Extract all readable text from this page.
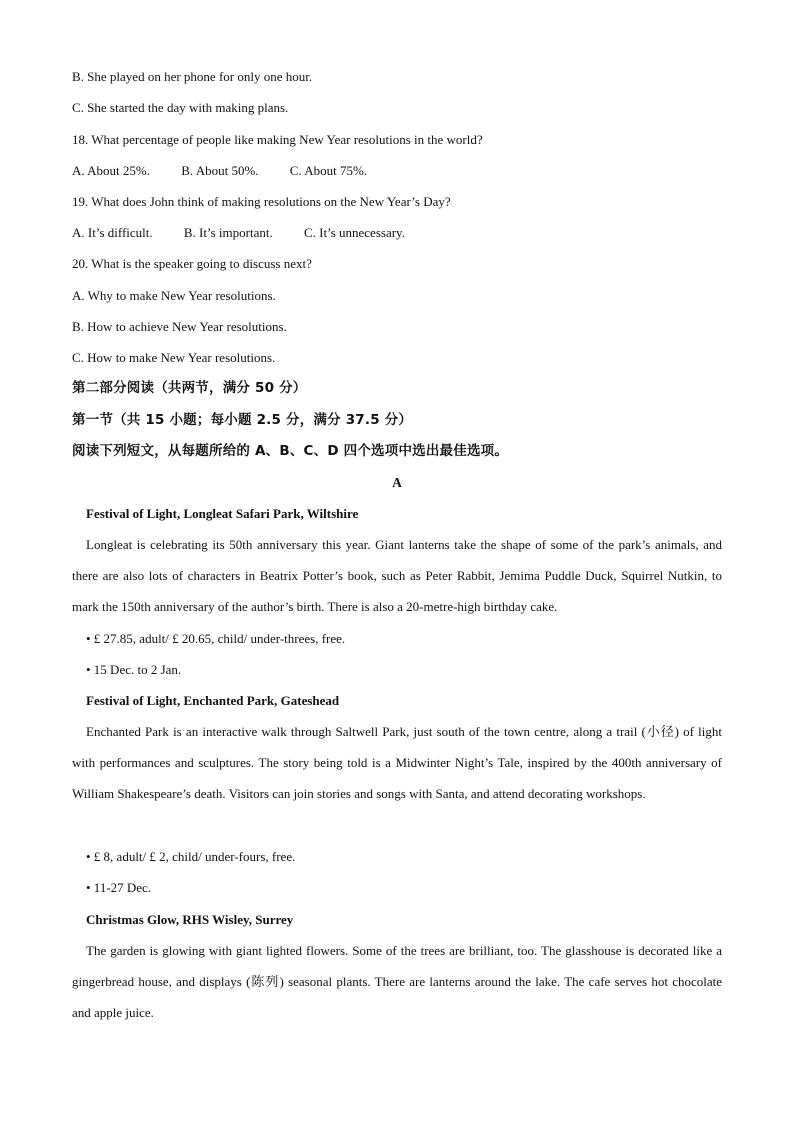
B. She played on her phone for only one hour.
C. She started the day with making plans.
18. What percentage of people like making New Year resolutions in the world?
A. About 25%. B. About 50%. C. About 75%.
19. What does John think of making resolutions on the New Year’s Day?
A. It’s difficult. B. It’s important. C. It’s unnecessary.
20. What is the speaker going to discuss next?
A. Why to make New Year resolutions.
B. How to achieve New Year resolutions.
C. How to make New Year resolutions.
第二部分阅读（共两节，满分 50 分）
第一节（共 15 小题；每小题 2.5 分，满分 37.5 分）
阅读下列短文，从每题所给的 A、B、C、D 四个选项中选出最佳选项。
A
Festival of Light, Longleat Safari Park, Wiltshire
Longleat is celebrating its 50th anniversary this year. Giant lanterns take the shape of some of the park’s animals, and there are also lots of characters in Beatrix Potter’s book, such as Peter Rabbit, Jemima Puddle Duck, Squirrel Nutkin, to mark the 150th anniversary of the author’s birth. There is also a 20-metre-high birthday cake.
• £ 27.85, adult/ £ 20.65, child/ under-threes, free.
• 15 Dec. to 2 Jan.
Festival of Light, Enchanted Park, Gateshead
Enchanted Park is an interactive walk through Saltwell Park, just south of the town centre, along a trail (小径) of light with performances and sculptures. The story being told is a Midwinter Night’s Tale, inspired by the 400th anniversary of William Shakespeare’s death. Visitors can join stories and songs with Santa, and attend decorating workshops.
• £ 8, adult/ £ 2, child/ under-fours, free.
• 11-27 Dec.
Christmas Glow, RHS Wisley, Surrey
The garden is glowing with giant lighted flowers. Some of the trees are brilliant, too. The glasshouse is decorated like a gingerbread house, and displays (陈列) seasonal plants. There are lanterns around the lake. The cafe serves hot chocolate and apple juice.
